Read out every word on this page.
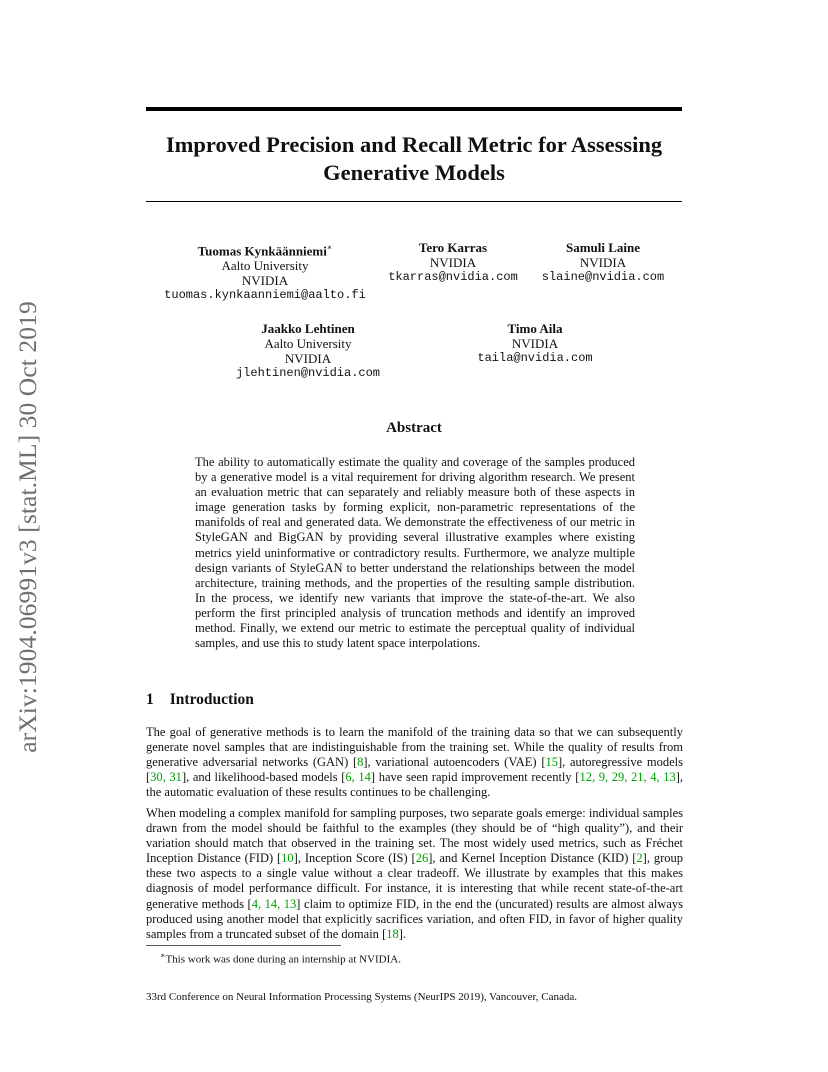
arXiv:1904.06991v3 [stat.ML] 30 Oct 2019
Improved Precision and Recall Metric for Assessing Generative Models
Tuomas Kynkäänniemi∗
Aalto University
NVIDIA
tuomas.kynkaanniemi@aalto.fi
Tero Karras
NVIDIA
tkarras@nvidia.com
Samuli Laine
NVIDIA
slaine@nvidia.com
Jaakko Lehtinen
Aalto University
NVIDIA
jlehtinen@nvidia.com
Timo Aila
NVIDIA
taila@nvidia.com
Abstract
The ability to automatically estimate the quality and coverage of the samples produced by a generative model is a vital requirement for driving algorithm research. We present an evaluation metric that can separately and reliably measure both of these aspects in image generation tasks by forming explicit, non-parametric representations of the manifolds of real and generated data. We demonstrate the effectiveness of our metric in StyleGAN and BigGAN by providing several illustrative examples where existing metrics yield uninformative or contradictory results. Furthermore, we analyze multiple design variants of StyleGAN to better understand the relationships between the model architecture, training methods, and the properties of the resulting sample distribution. In the process, we identify new variants that improve the state-of-the-art. We also perform the first principled analysis of truncation methods and identify an improved method. Finally, we extend our metric to estimate the perceptual quality of individual samples, and use this to study latent space interpolations.
1 Introduction

The goal of generative methods is to learn the manifold of the training data so that we can subsequently generate novel samples that are indistinguishable from the training set. While the quality of results from generative adversarial networks (GAN) [8], variational autoencoders (VAE) [15], autoregressive models [30, 31], and likelihood-based models [6, 14] have seen rapid improvement recently [12, 9, 29, 21, 4, 13], the automatic evaluation of these results continues to be challenging.

When modeling a complex manifold for sampling purposes, two separate goals emerge: individual samples drawn from the model should be faithful to the examples (they should be of “high quality”), and their variation should match that observed in the training set. The most widely used metrics, such as Fréchet Inception Distance (FID) [10], Inception Score (IS) [26], and Kernel Inception Distance (KID) [2], group these two aspects to a single value without a clear tradeoff. We illustrate by examples that this makes diagnosis of model performance difficult. For instance, it is interesting that while recent state-of-the-art generative methods [4, 14, 13] claim to optimize FID, in the end the (uncurated) results are almost always produced using another model that explicitly sacrifices variation, and often FID, in favor of higher quality samples from a truncated subset of the domain [18].

∗This work was done during an internship at NVIDIA.
33rd Conference on Neural Information Processing Systems (NeurIPS 2019), Vancouver, Canada.
